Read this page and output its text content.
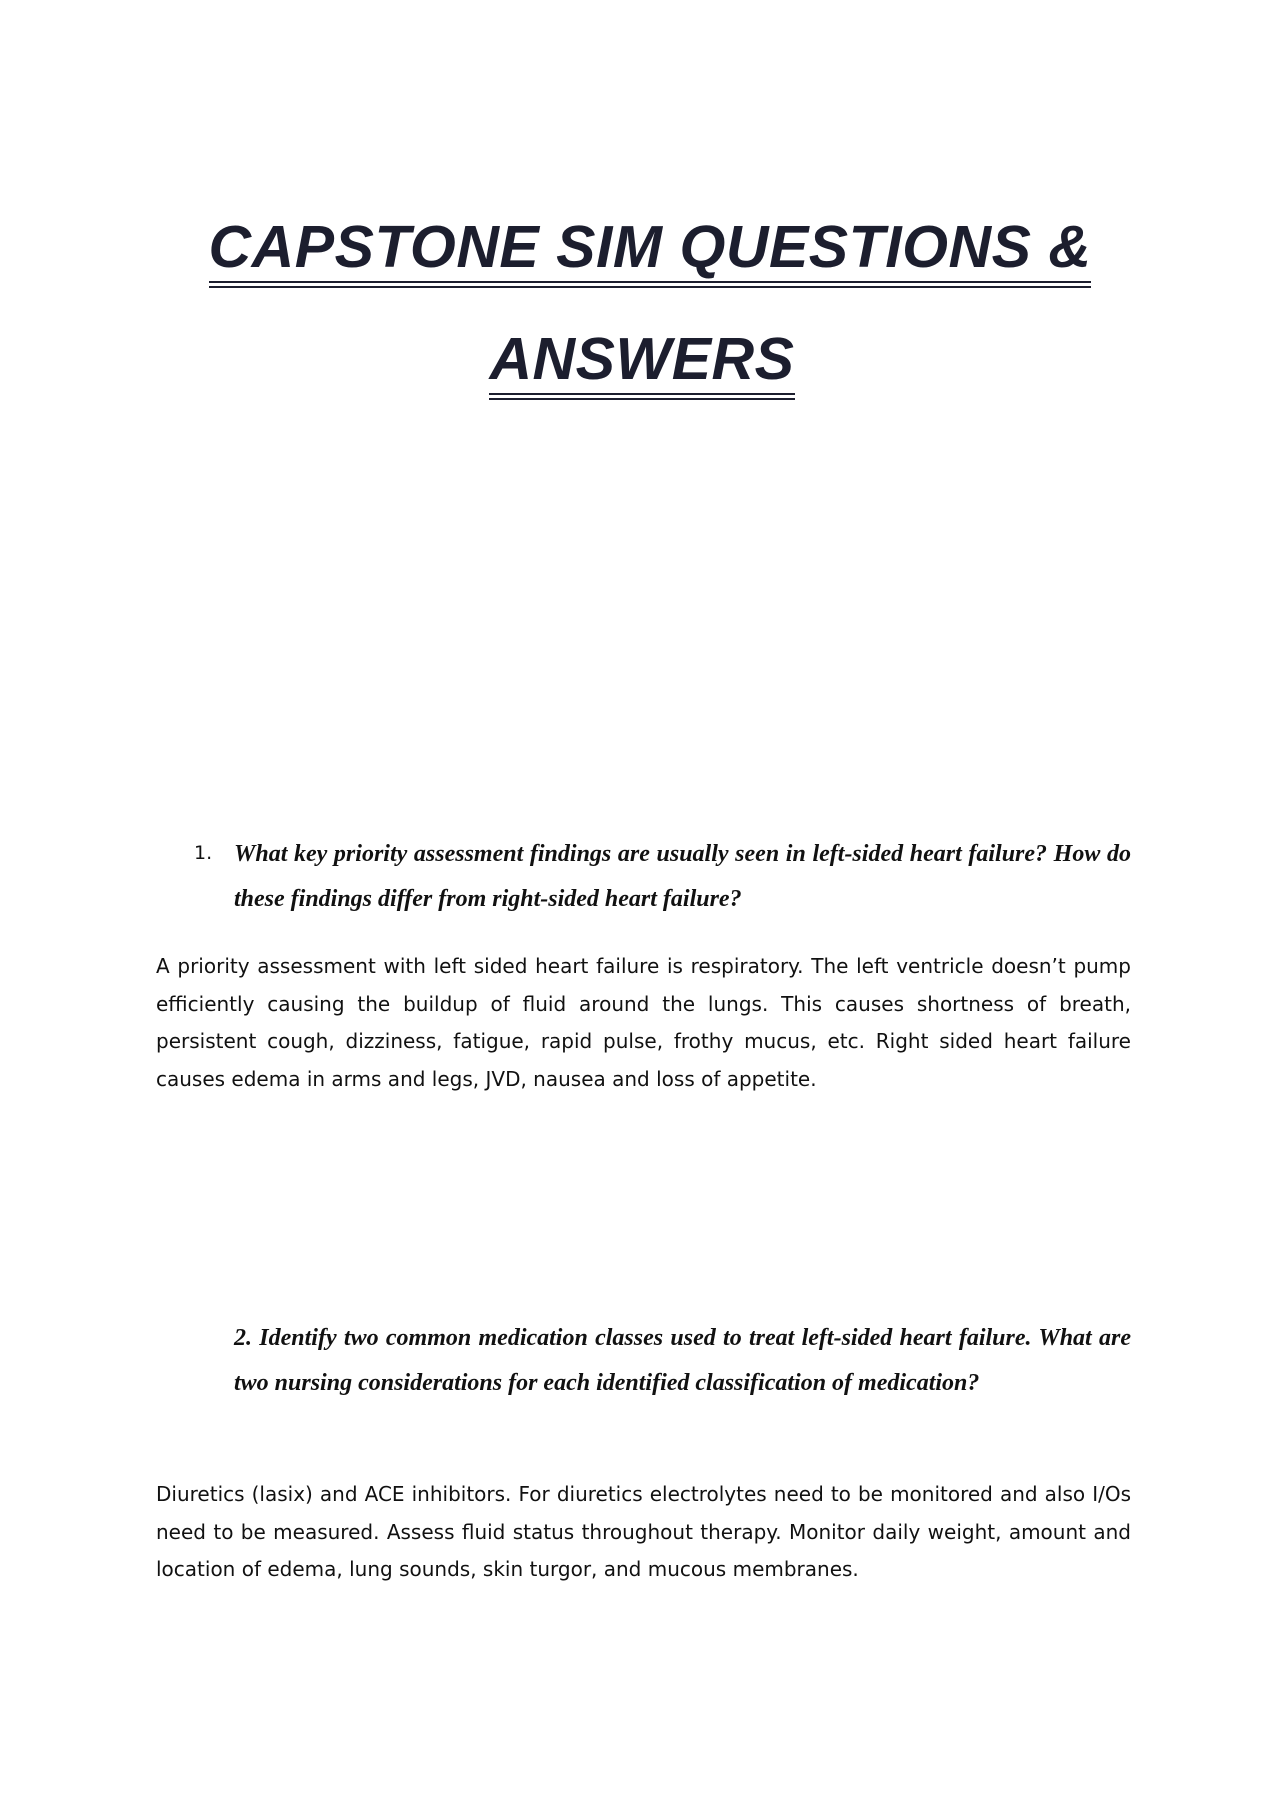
CAPSTONE SIM QUESTIONS &
ANSWERS
1. What key priority assessment findings are usually seen in left-sided heart failure? How do these findings differ from right-sided heart failure?

A priority assessment with left sided heart failure is respiratory. The left ventricle doesn’t pump efficiently causing the buildup of fluid around the lungs. This causes shortness of breath, persistent cough, dizziness, fatigue, rapid pulse, frothy mucus, etc. Right sided heart failure causes edema in arms and legs, JVD, nausea and loss of appetite.

2. Identify two common medication classes used to treat left-sided heart failure. What are two nursing considerations for each identified classification of medication?

Diuretics (lasix) and ACE inhibitors. For diuretics electrolytes need to be monitored and also I/Os need to be measured. Assess fluid status throughout therapy. Monitor daily weight, amount and location of edema, lung sounds, skin turgor, and mucous membranes.
